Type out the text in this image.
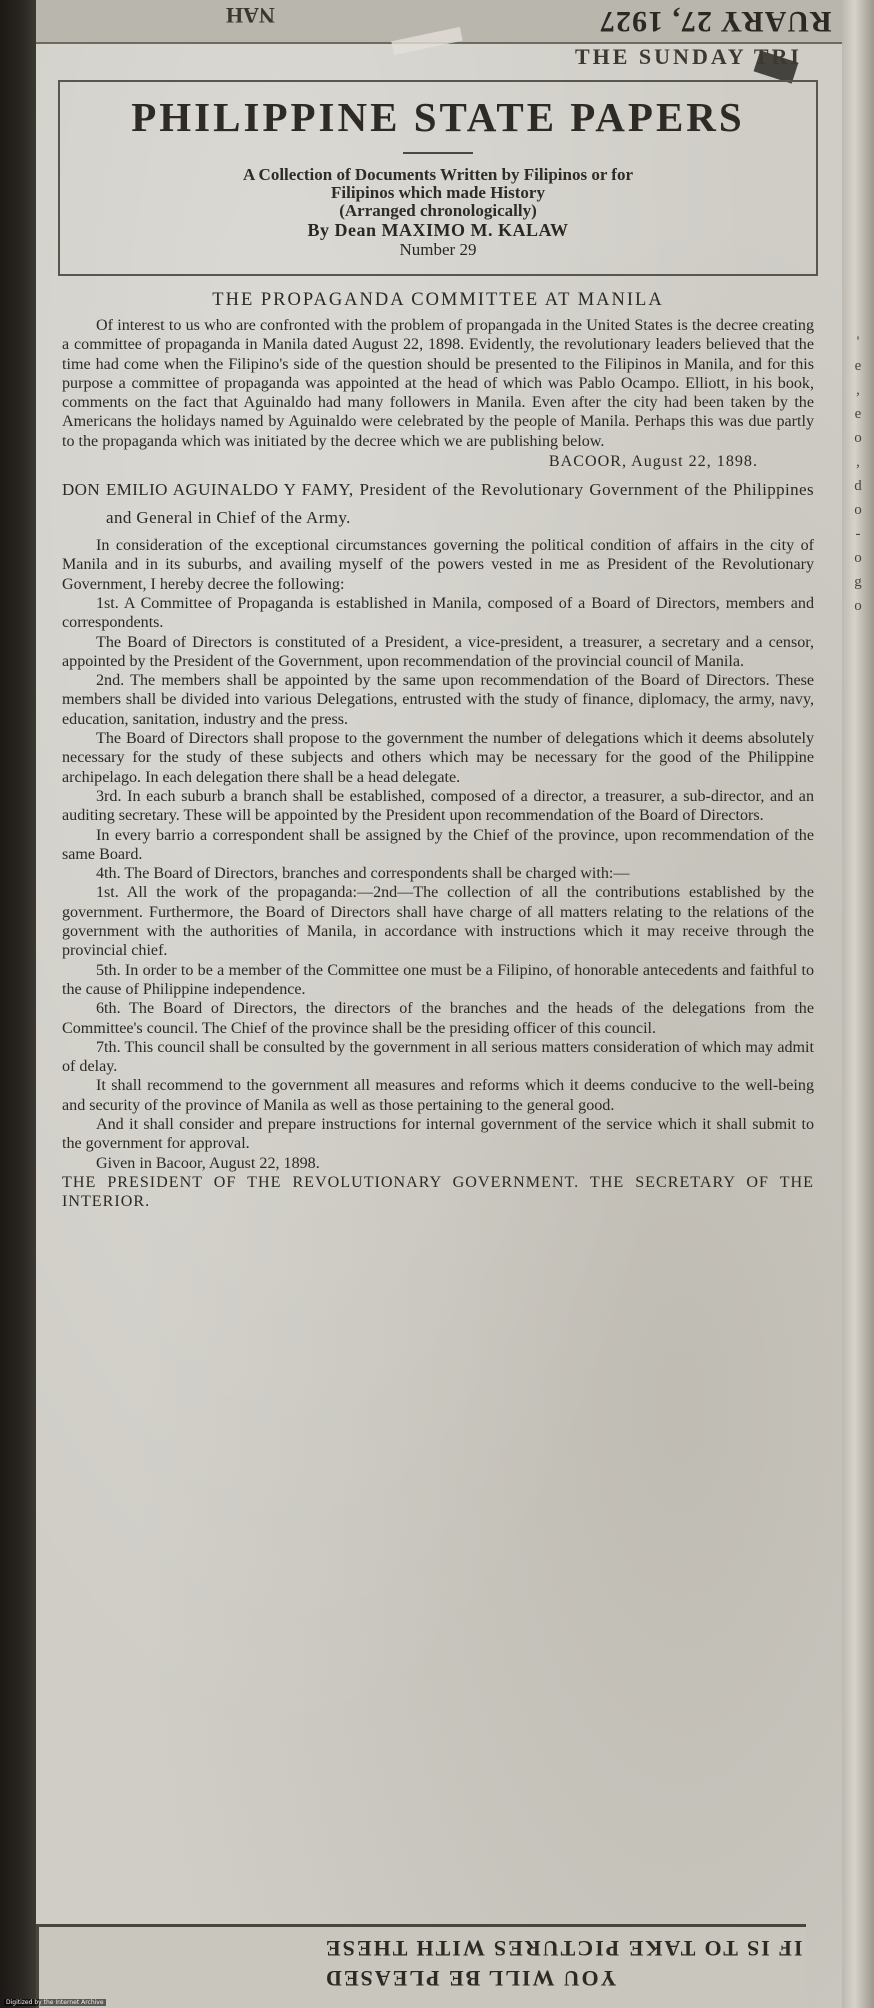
NAH	RUARY 27, 1927
THE SUNDAY TRI
PHILIPPINE STATE PAPERS
A Collection of Documents Written by Filipinos or for
Filipinos which made History
(Arranged chronologically)
By Dean MAXIMO M. KALAW
Number 29
THE PROPAGANDA COMMITTEE AT MANILA

Of interest to us who are confronted with the problem of propangada in the United States is the decree creating a committee of propaganda in Manila dated August 22, 1898. Evidently, the revolutionary leaders believed that the time had come when the Filipino's side of the question should be presented to the Filipinos in Manila, and for this purpose a committee of propaganda was appointed at the head of which was Pablo Ocampo. Elliott, in his book, comments on the fact that Aguinaldo had many followers in Manila. Even after the city had been taken by the Americans the holidays named by Aguinaldo were celebrated by the people of Manila. Perhaps this was due partly to the propaganda which was initiated by the decree which we are publishing below.

BACOOR, August 22, 1898.

DON EMILIO AGUINALDO Y FAMY, President of the Revolutionary Government of the Philippines and General in Chief of the Army.

In consideration of the exceptional circumstances governing the political condition of affairs in the city of Manila and in its suburbs, and availing myself of the powers vested in me as President of the Revolutionary Government, I hereby decree the following:

1st. A Committee of Propaganda is established in Manila, composed of a Board of Directors, members and correspondents.

The Board of Directors is constituted of a President, a vice-president, a treasurer, a secretary and a censor, appointed by the President of the Government, upon recommendation of the provincial council of Manila.

2nd. The members shall be appointed by the same upon recommendation of the Board of Directors. These members shall be divided into various Delegations, entrusted with the study of finance, diplomacy, the army, navy, education, sanitation, industry and the press.

The Board of Directors shall propose to the government the number of delegations which it deems absolutely necessary for the study of these subjects and others which may be necessary for the good of the Philippine archipelago. In each delegation there shall be a head delegate.

3rd. In each suburb a branch shall be established, composed of a director, a treasurer, a sub-director, and an auditing secretary. These will be appointed by the President upon recommendation of the Board of Directors.

In every barrio a correspondent shall be assigned by the Chief of the province, upon recommendation of the same Board.

4th. The Board of Directors, branches and correspondents shall be charged with:—

1st. All the work of the propaganda:—2nd—The collection of all the contributions established by the government. Furthermore, the Board of Directors shall have charge of all matters relating to the relations of the government with the authorities of Manila, in accordance with instructions which it may receive through the provincial chief.

5th. In order to be a member of the Committee one must be a Filipino, of honorable antecedents and faithful to the cause of Philippine independence.

6th. The Board of Directors, the directors of the branches and the heads of the delegations from the Committee's council. The Chief of the province shall be the presiding officer of this council.

7th. This council shall be consulted by the government in all serious matters consideration of which may admit of delay.

It shall recommend to the government all measures and reforms which it deems conducive to the well-being and security of the province of Manila as well as those pertaining to the general good.

And it shall consider and prepare instructions for internal government of the service which it shall submit to the government for approval.

Given in Bacoor, August 22, 1898.

THE PRESIDENT OF THE REVOLUTIONARY GOVERNMENT. THE SECRETARY OF THE INTERIOR.

'
e
,
e
o
,
d
o
-
o
g
o
YOU WILL BE PLEASED
IF IS TO TAKE PICTURES WITH THESE
Digitized by the Internet Archive
